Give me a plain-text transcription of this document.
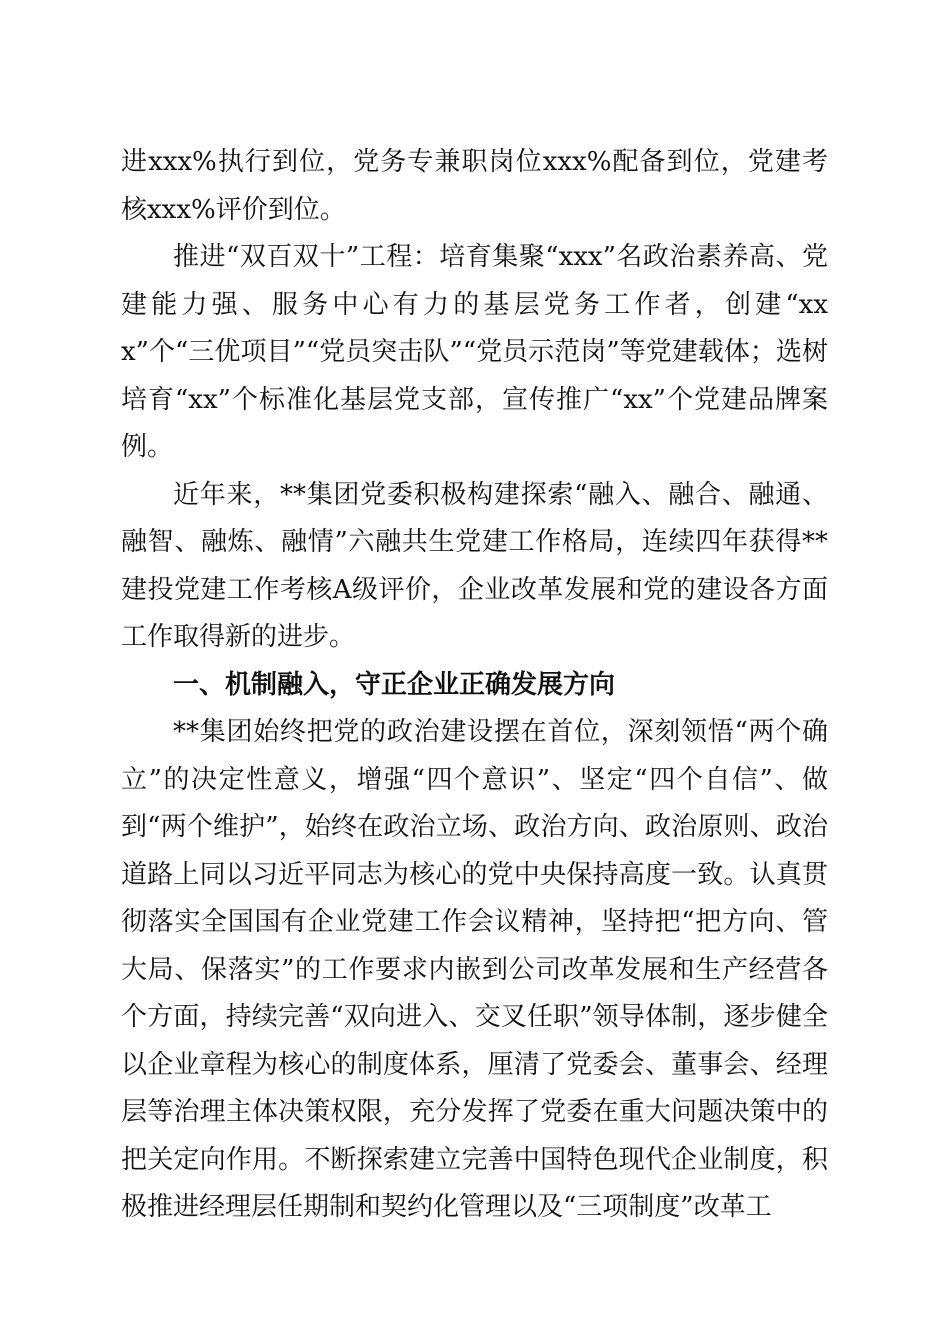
进xxx%执行到位，党务专兼职岗位xxx%配备到位，党建考核xxx%评价到位。

推进“双百双十”工程：培育集聚“xxx”名政治素养高、党建能力强、服务中心有力的基层党务工作者，创建“xxx”个“三优项目”“党员突击队”“党员示范岗”等党建载体；选树培育“xx”个标准化基层党支部，宣传推广“xx”个党建品牌案例。

近年来，**集团党委积极构建探索“融入、融合、融通、融智、融炼、融情”六融共生党建工作格局，连续四年获得**建投党建工作考核A级评价，企业改革发展和党的建设各方面工作取得新的进步。

一、机制融入，守正企业正确发展方向

**集团始终把党的政治建设摆在首位，深刻领悟“两个确立”的决定性意义，增强“四个意识”、坚定“四个自信”、做到“两个维护”，始终在政治立场、政治方向、政治原则、政治道路上同以习近平同志为核心的党中央保持高度一致。认真贯彻落实全国国有企业党建工作会议精神，坚持把“把方向、管大局、保落实”的工作要求内嵌到公司改革发展和生产经营各个方面，持续完善“双向进入、交叉任职”领导体制，逐步健全以企业章程为核心的制度体系，厘清了党委会、董事会、经理层等治理主体决策权限，充分发挥了党委在重大问题决策中的把关定向作用。不断探索建立完善中国特色现代企业制度，积极推进经理层任期制和契约化管理以及“三项制度”改革工
